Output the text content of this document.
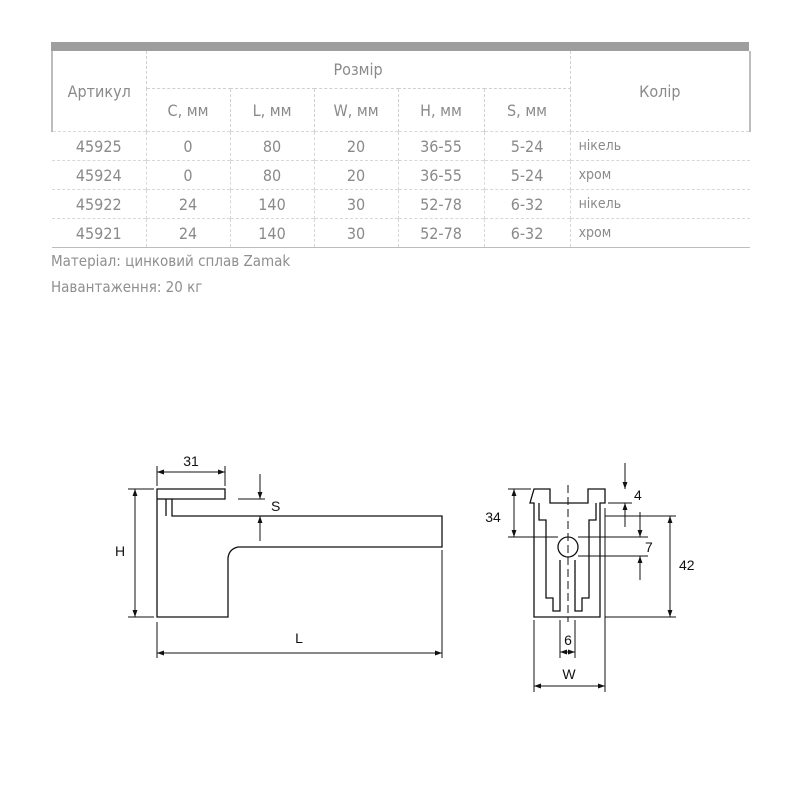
Артикул	Розмір					Колір
	С, мм	L, мм	W, мм	H, мм	S, мм	
45925	0	80	20	36-55	5-24	нікель
45924	0	80	20	36-55	5-24	хром
45922	24	140	30	52-78	6-32	нікель
45921	24	140	30	52-78	6-32	хром
Матеріал: цинковий сплав Zamak
Навантаження: 20 кг
31
S
H
L
34
4
7
42
6
W
